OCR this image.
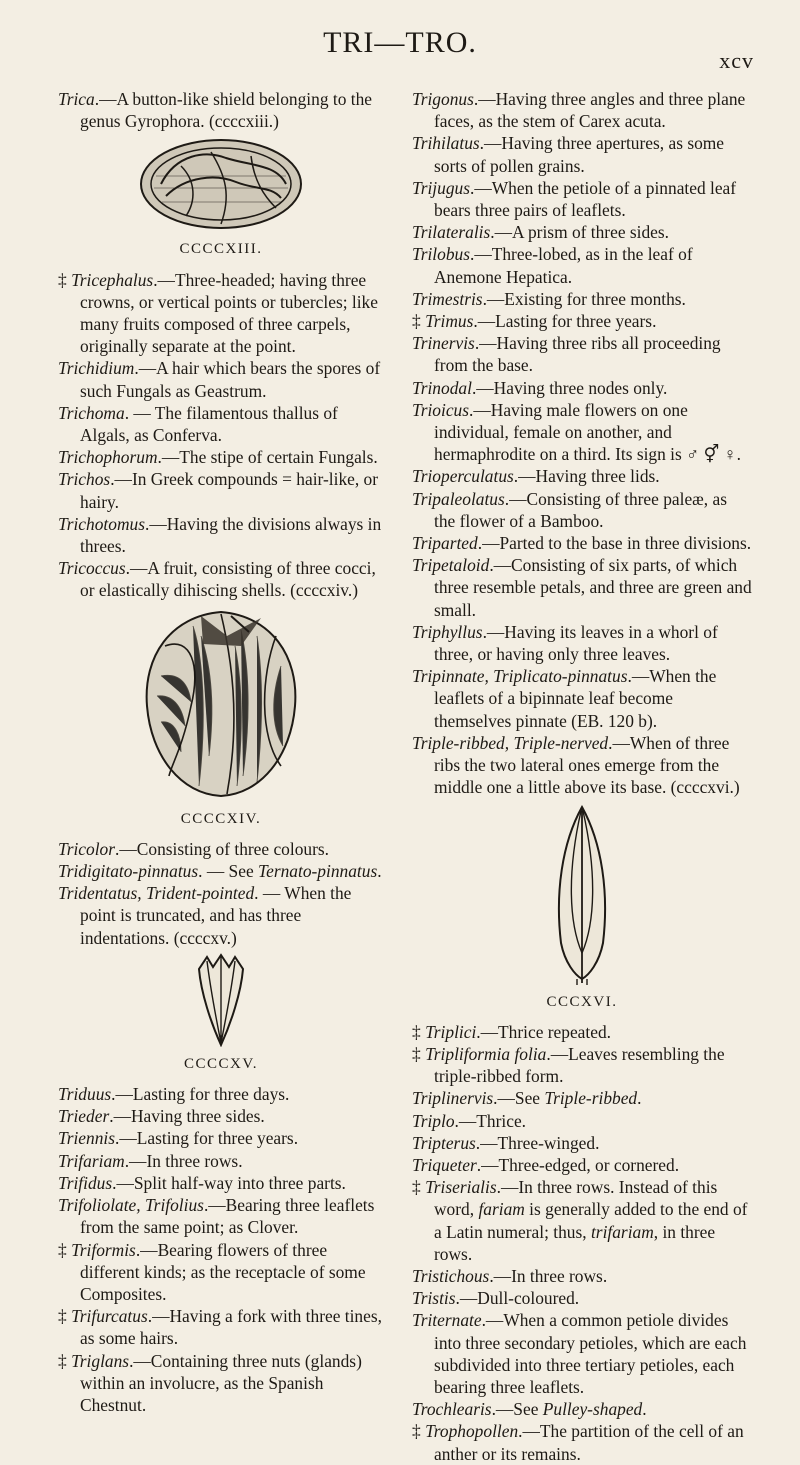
TRI—TRO.
xcv

Trica.—A button-like shield belonging to the genus Gyrophora. (ccccxiii.)

CCCCXIII.

‡ Tricephalus.—Three-headed; having three crowns, or vertical points or tubercles; like many fruits composed of three carpels, originally separate at the point.

Trichidium.—A hair which bears the spores of such Fungals as Geastrum.

Trichoma. — The filamentous thallus of Algals, as Conferva.

Trichophorum.—The stipe of certain Fungals.

Trichos.—In Greek compounds = hair-like, or hairy.

Trichotomus.—Having the divisions always in threes.

Tricoccus.—A fruit, consisting of three cocci, or elastically dihiscing shells. (ccccxiv.)

CCCCXIV.

Tricolor.—Consisting of three colours.

Tridigitato-pinnatus. — See Ternato-pinnatus.

Tridentatus, Trident-pointed. — When the point is truncated, and has three indentations. (ccccxv.)

CCCCXV.

Triduus.—Lasting for three days.

Trieder.—Having three sides.

Triennis.—Lasting for three years.

Trifariam.—In three rows.

Trifidus.—Split half-way into three parts.

Trifoliolate, Trifolius.—Bearing three leaflets from the same point; as Clover.

‡ Triformis.—Bearing flowers of three different kinds; as the receptacle of some Composites.

‡ Trifurcatus.—Having a fork with three tines, as some hairs.

‡ Triglans.—Containing three nuts (glands) within an involucre, as the Spanish Chestnut.

Trigonus.—Having three angles and three plane faces, as the stem of Carex acuta.

Trihilatus.—Having three apertures, as some sorts of pollen grains.

Trijugus.—When the petiole of a pinnated leaf bears three pairs of leaflets.

Trilateralis.—A prism of three sides.

Trilobus.—Three-lobed, as in the leaf of Anemone Hepatica.

Trimestris.—Existing for three months.

‡ Trimus.—Lasting for three years.

Trinervis.—Having three ribs all proceeding from the base.

Trinodal.—Having three nodes only.

Trioicus.—Having male flowers on one individual, female on another, and hermaphrodite on a third. Its sign is ♂ ⚥ ♀.

Trioperculatus.—Having three lids.

Tripaleolatus.—Consisting of three paleæ, as the flower of a Bamboo.

Triparted.—Parted to the base in three divisions.

Tripetaloid.—Consisting of six parts, of which three resemble petals, and three are green and small.

Triphyllus.—Having its leaves in a whorl of three, or having only three leaves.

Tripinnate, Triplicato-pinnatus.—When the leaflets of a bipinnate leaf become themselves pinnate (EB. 120 b).

Triple-ribbed, Triple-nerved.—When of three ribs the two lateral ones emerge from the middle one a little above its base. (ccccxvi.)

CCCXVI.

‡ Triplici.—Thrice repeated.

‡ Tripliformia folia.—Leaves resembling the triple-ribbed form.

Triplinervis.—See Triple-ribbed.

Triplo.—Thrice.

Tripterus.—Three-winged.

Triqueter.—Three-edged, or cornered.

‡ Triserialis.—In three rows. Instead of this word, fariam is generally added to the end of a Latin numeral; thus, trifariam, in three rows.

Tristichous.—In three rows.

Tristis.—Dull-coloured.

Triternate.—When a common petiole divides into three secondary petioles, which are each subdivided into three tertiary petioles, each bearing three leaflets.

Trochlearis.—See Pulley-shaped.

‡ Trophopollen.—The partition of the cell of an anther or its remains.
